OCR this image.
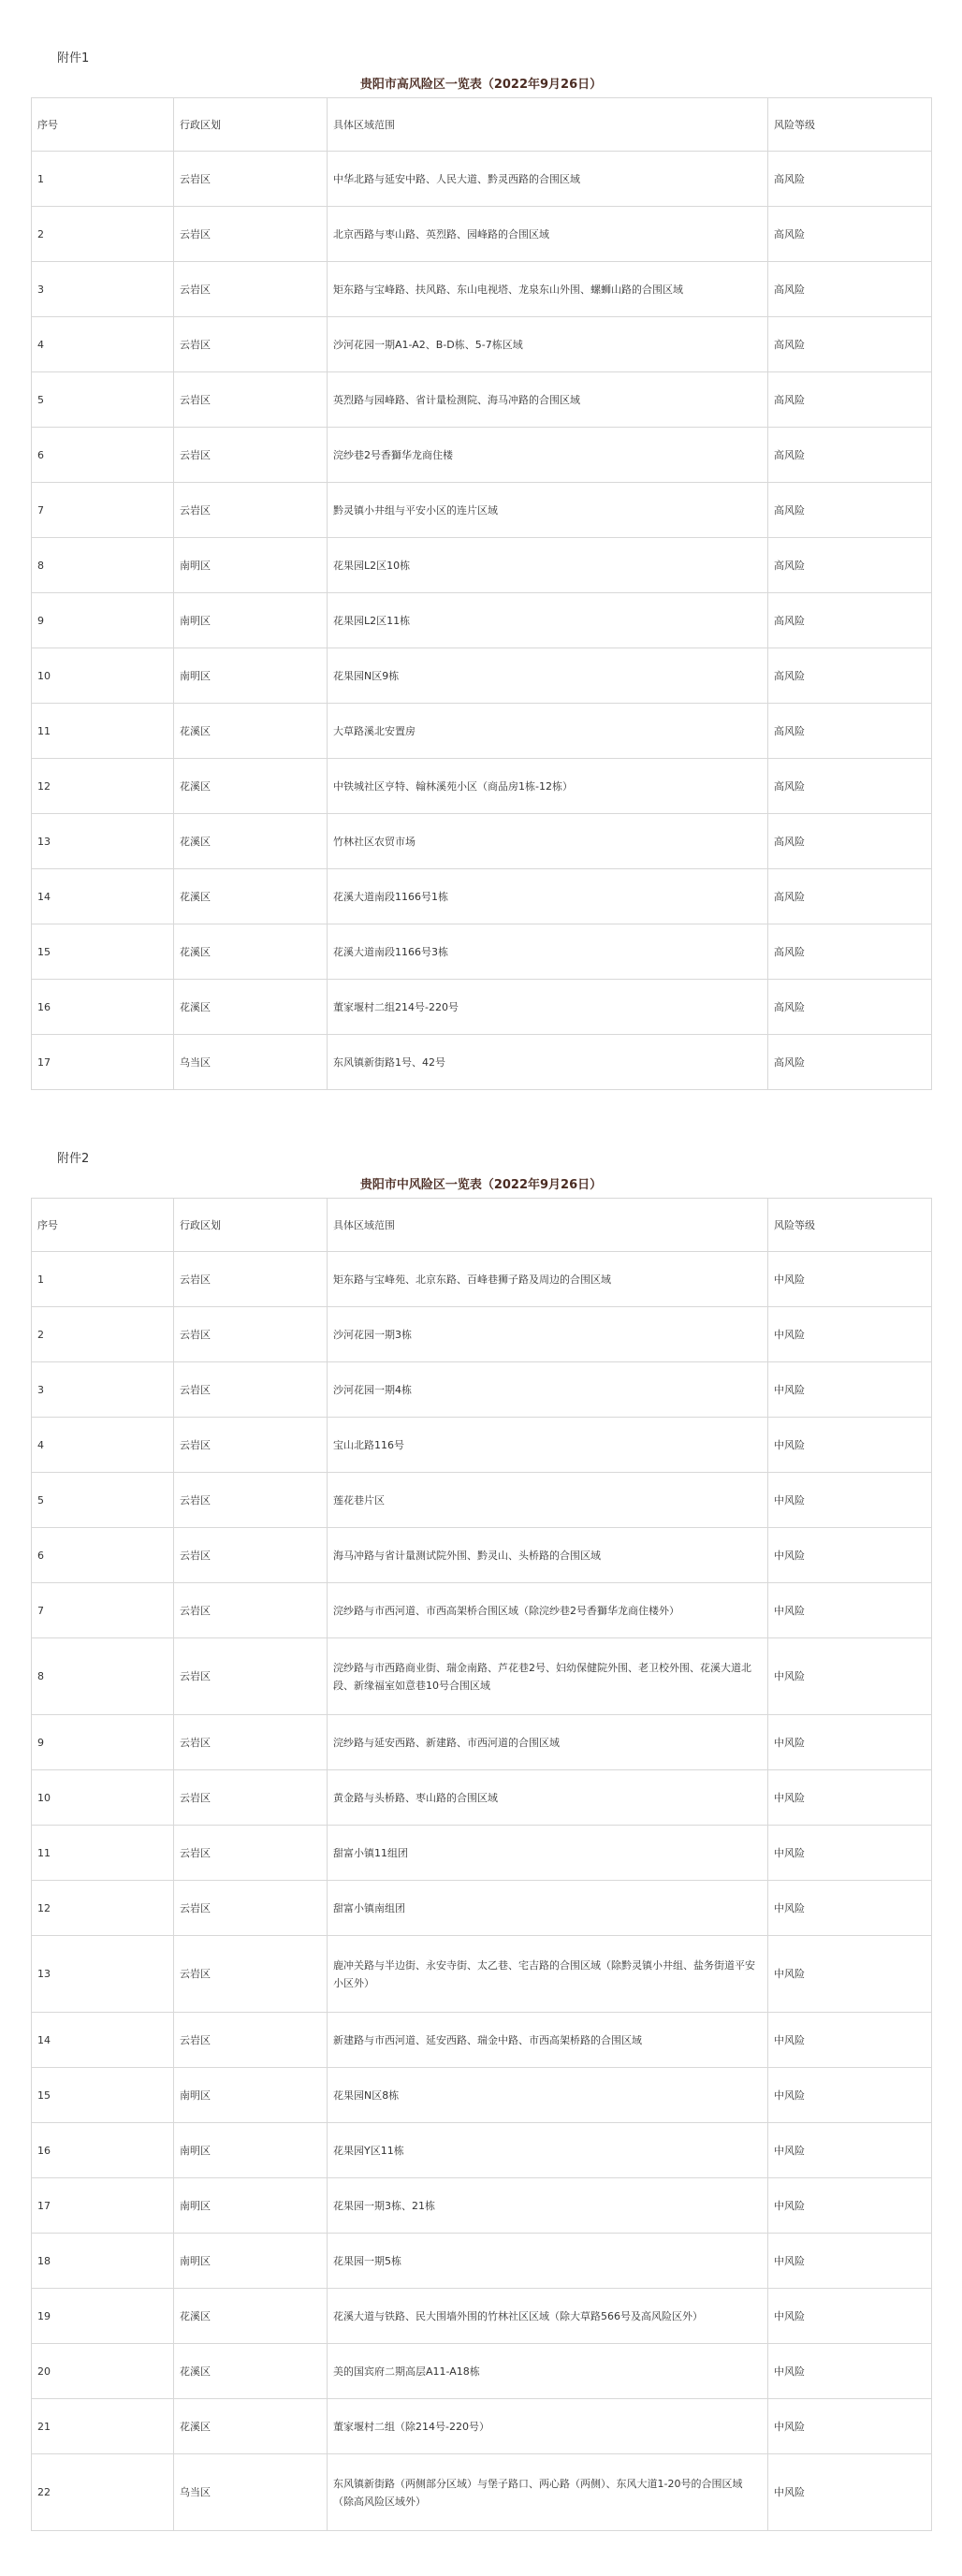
附件1
贵阳市高风险区一览表（2022年9月26日）
序号	行政区划	具体区域范围	风险等级
1	云岩区	中华北路与延安中路、人民大道、黔灵西路的合围区域	高风险
2	云岩区	北京西路与枣山路、英烈路、园峰路的合围区域	高风险
3	云岩区	矩东路与宝峰路、扶风路、东山电视塔、龙泉东山外围、螺蛳山路的合围区域	高风险
4	云岩区	沙河花园一期A1-A2、B-D栋、5-7栋区域	高风险
5	云岩区	英烈路与园峰路、省计量检测院、海马冲路的合围区域	高风险
6	云岩区	浣纱巷2号香獅华龙商住楼	高风险
7	云岩区	黔灵镇小井组与平安小区的连片区域	高风险
8	南明区	花果园L2区10栋	高风险
9	南明区	花果园L2区11栋	高风险
10	南明区	花果园N区9栋	高风险
11	花溪区	大草路溪北安置房	高风险
12	花溪区	中铁城社区亨特、翰林溪苑小区（商品房1栋-12栋）	高风险
13	花溪区	竹林社区农贸市场	高风险
14	花溪区	花溪大道南段1166号1栋	高风险
15	花溪区	花溪大道南段1166号3栋	高风险
16	花溪区	董家堰村二组214号-220号	高风险
17	乌当区	东风镇新街路1号、42号	高风险
附件2
贵阳市中风险区一览表（2022年9月26日）
序号	行政区划	具体区域范围	风险等级
1	云岩区	矩东路与宝峰苑、北京东路、百峰巷狮子路及周边的合围区域	中风险
2	云岩区	沙河花园一期3栋	中风险
3	云岩区	沙河花园一期4栋	中风险
4	云岩区	宝山北路116号	中风险
5	云岩区	莲花巷片区	中风险
6	云岩区	海马冲路与省计量测试院外围、黔灵山、头桥路的合围区域	中风险
7	云岩区	浣纱路与市西河道、市西高架桥合围区域（除浣纱巷2号香獅华龙商住楼外）	中风险
8	云岩区	浣纱路与市西路商业街、瑞金南路、芦花巷2号、妇幼保健院外围、老卫校外围、花溪大道北段、新缘福室如意巷10号合围区域	中风险
9	云岩区	浣纱路与延安西路、新建路、市西河道的合围区域	中风险
10	云岩区	黄金路与头桥路、枣山路的合围区域	中风险
11	云岩区	甜富小镇11组团	中风险
12	云岩区	甜富小镇南组团	中风险
13	云岩区	鹿冲关路与半边街、永安寺街、太乙巷、宅吉路的合围区域（除黔灵镇小井组、盐务街道平安小区外）	中风险
14	云岩区	新建路与市西河道、延安西路、瑞金中路、市西高架桥路的合围区域	中风险
15	南明区	花果园N区8栋	中风险
16	南明区	花果园Y区11栋	中风险
17	南明区	花果园一期3栋、21栋	中风险
18	南明区	花果园一期5栋	中风险
19	花溪区	花溪大道与铁路、民大围墙外围的竹林社区区域（除大草路566号及高风险区外）	中风险
20	花溪区	美的国宾府二期高层A11-A18栋	中风险
21	花溪区	董家堰村二组（除214号-220号）	中风险
22	乌当区	东风镇新街路（两侧部分区域）与堡子路口、两心路（两侧）、东风大道1-20号的合围区域（除高风险区域外）	中风险
